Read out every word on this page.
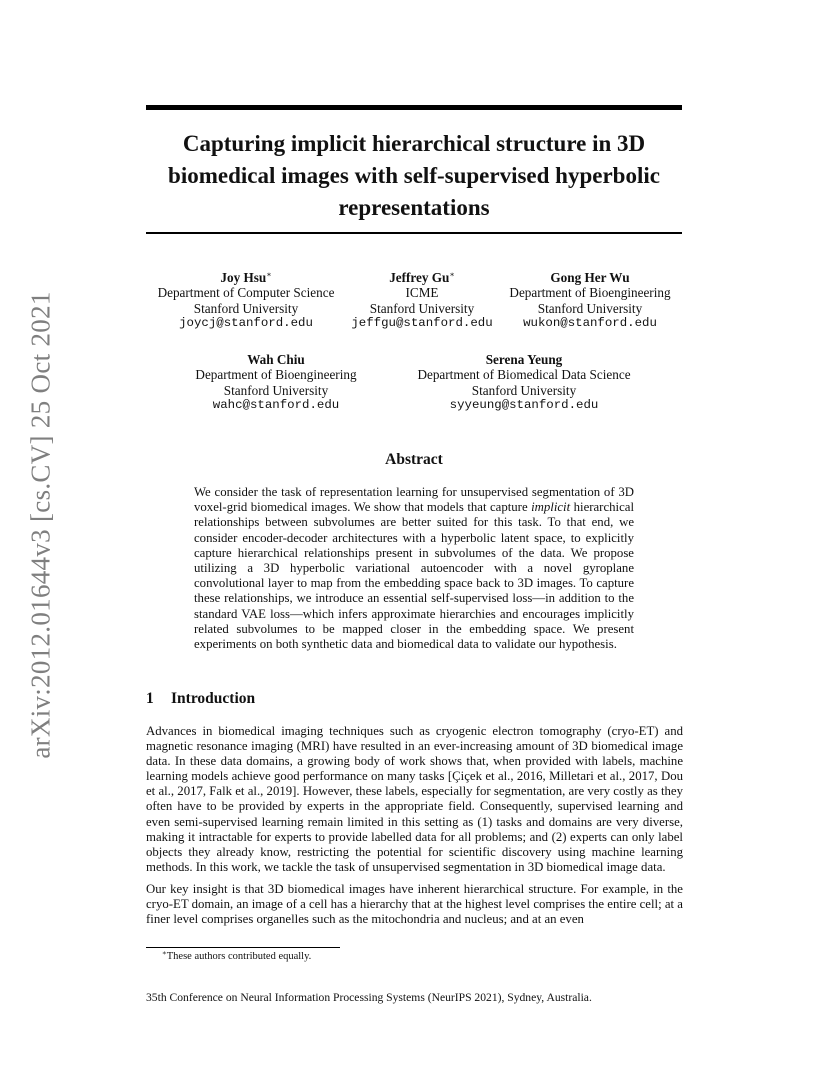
arXiv:2012.01644v3 [cs.CV] 25 Oct 2021
Capturing implicit hierarchical structure in 3D biomedical images with self-supervised hyperbolic representations
Joy Hsu∗
Department of Computer Science
Stanford University
joycj@stanford.edu
Jeffrey Gu∗
ICME
Stanford University
jeffgu@stanford.edu
Gong Her Wu
Department of Bioengineering
Stanford University
wukon@stanford.edu
Wah Chiu
Department of Bioengineering
Stanford University
wahc@stanford.edu
Serena Yeung
Department of Biomedical Data Science
Stanford University
syyeung@stanford.edu
Abstract

We consider the task of representation learning for unsupervised segmentation of 3D voxel-grid biomedical images. We show that models that capture implicit hierarchical relationships between subvolumes are better suited for this task. To that end, we consider encoder-decoder architectures with a hyperbolic latent space, to explicitly capture hierarchical relationships present in subvolumes of the data. We propose utilizing a 3D hyperbolic variational autoencoder with a novel gyroplane convolutional layer to map from the embedding space back to 3D images. To capture these relationships, we introduce an essential self-supervised loss—in addition to the standard VAE loss—which infers approximate hierarchies and encourages implicitly related subvolumes to be mapped closer in the embedding space. We present experiments on both synthetic data and biomedical data to validate our hypothesis.

1 Introduction

Advances in biomedical imaging techniques such as cryogenic electron tomography (cryo-ET) and magnetic resonance imaging (MRI) have resulted in an ever-increasing amount of 3D biomedical image data. In these data domains, a growing body of work shows that, when provided with labels, machine learning models achieve good performance on many tasks [Çiçek et al., 2016, Milletari et al., 2017, Dou et al., 2017, Falk et al., 2019]. However, these labels, especially for segmentation, are very costly as they often have to be provided by experts in the appropriate field. Consequently, supervised learning and even semi-supervised learning remain limited in this setting as (1) tasks and domains are very diverse, making it intractable for experts to provide labelled data for all problems; and (2) experts can only label objects they already know, restricting the potential for scientific discovery using machine learning methods. In this work, we tackle the task of unsupervised segmentation in 3D biomedical image data.

Our key insight is that 3D biomedical images have inherent hierarchical structure. For example, in the cryo-ET domain, an image of a cell has a hierarchy that at the highest level comprises the entire cell; at a finer level comprises organelles such as the mitochondria and nucleus; and at an even

∗These authors contributed equally.
35th Conference on Neural Information Processing Systems (NeurIPS 2021), Sydney, Australia.
